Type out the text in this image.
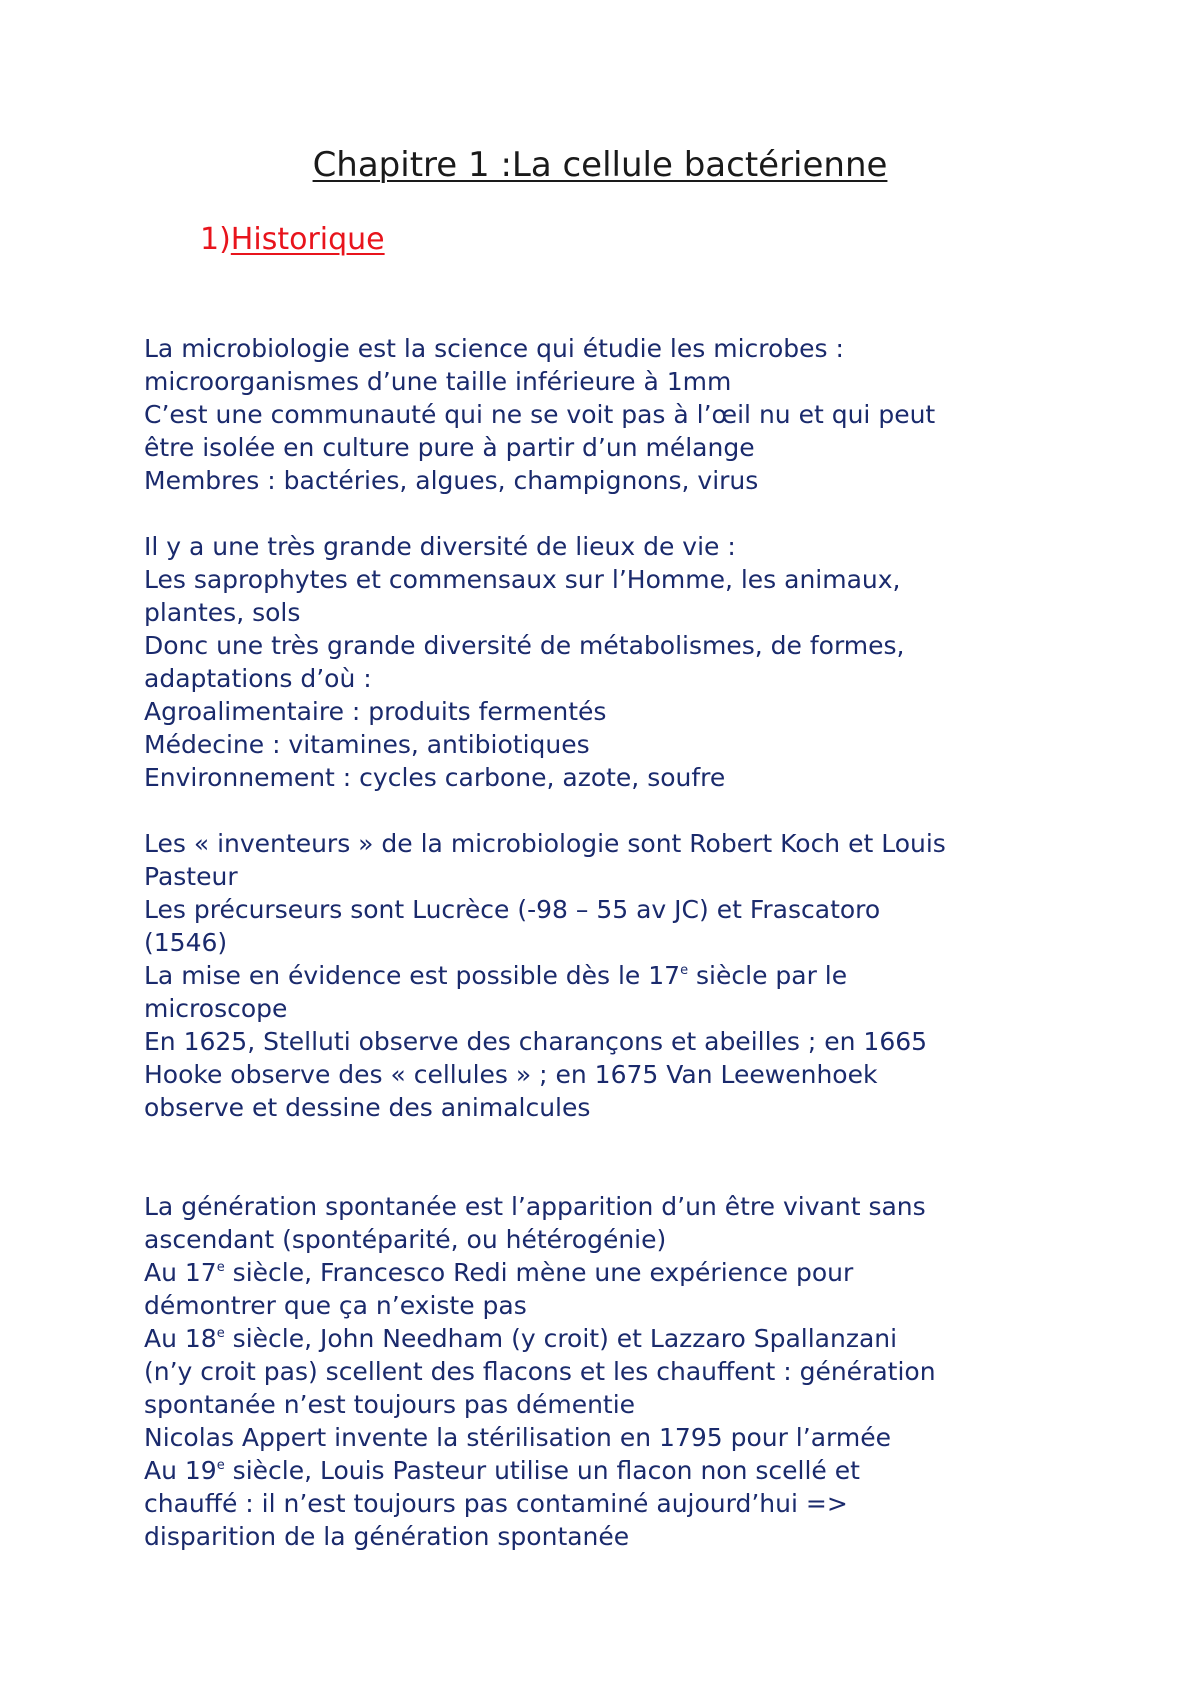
Chapitre 1 :La cellule bactérienne
1)Historique
La microbiologie est la science qui étudie les microbes :
microorganismes d’une taille inférieure à 1mm
C’est une communauté qui ne se voit pas à l’œil nu et qui peut
être isolée en culture pure à partir d’un mélange
Membres : bactéries, algues, champignons, virus
Il y a une très grande diversité de lieux de vie :
Les saprophytes et commensaux sur l’Homme, les animaux,
plantes, sols
Donc une très grande diversité de métabolismes, de formes,
adaptations d’où :
Agroalimentaire : produits fermentés
Médecine : vitamines, antibiotiques
Environnement : cycles carbone, azote, soufre
Les « inventeurs » de la microbiologie sont Robert Koch et Louis
Pasteur
Les précurseurs sont Lucrèce (-98 – 55 av JC) et Frascatoro
(1546)
La mise en évidence est possible dès le 17e siècle par le
microscope
En 1625, Stelluti observe des charançons et abeilles ; en 1665
Hooke observe des « cellules » ; en 1675 Van Leewenhoek
observe et dessine des animalcules
La génération spontanée est l’apparition d’un être vivant sans
ascendant (spontéparité, ou hétérogénie)
Au 17e siècle, Francesco Redi mène une expérience pour
démontrer que ça n’existe pas
Au 18e siècle, John Needham (y croit) et Lazzaro Spallanzani
(n’y croit pas) scellent des flacons et les chauffent : génération
spontanée n’est toujours pas démentie
Nicolas Appert invente la stérilisation en 1795 pour l’armée
Au 19e siècle, Louis Pasteur utilise un flacon non scellé et
chauffé : il n’est toujours pas contaminé aujourd’hui =>
disparition de la génération spontanée
